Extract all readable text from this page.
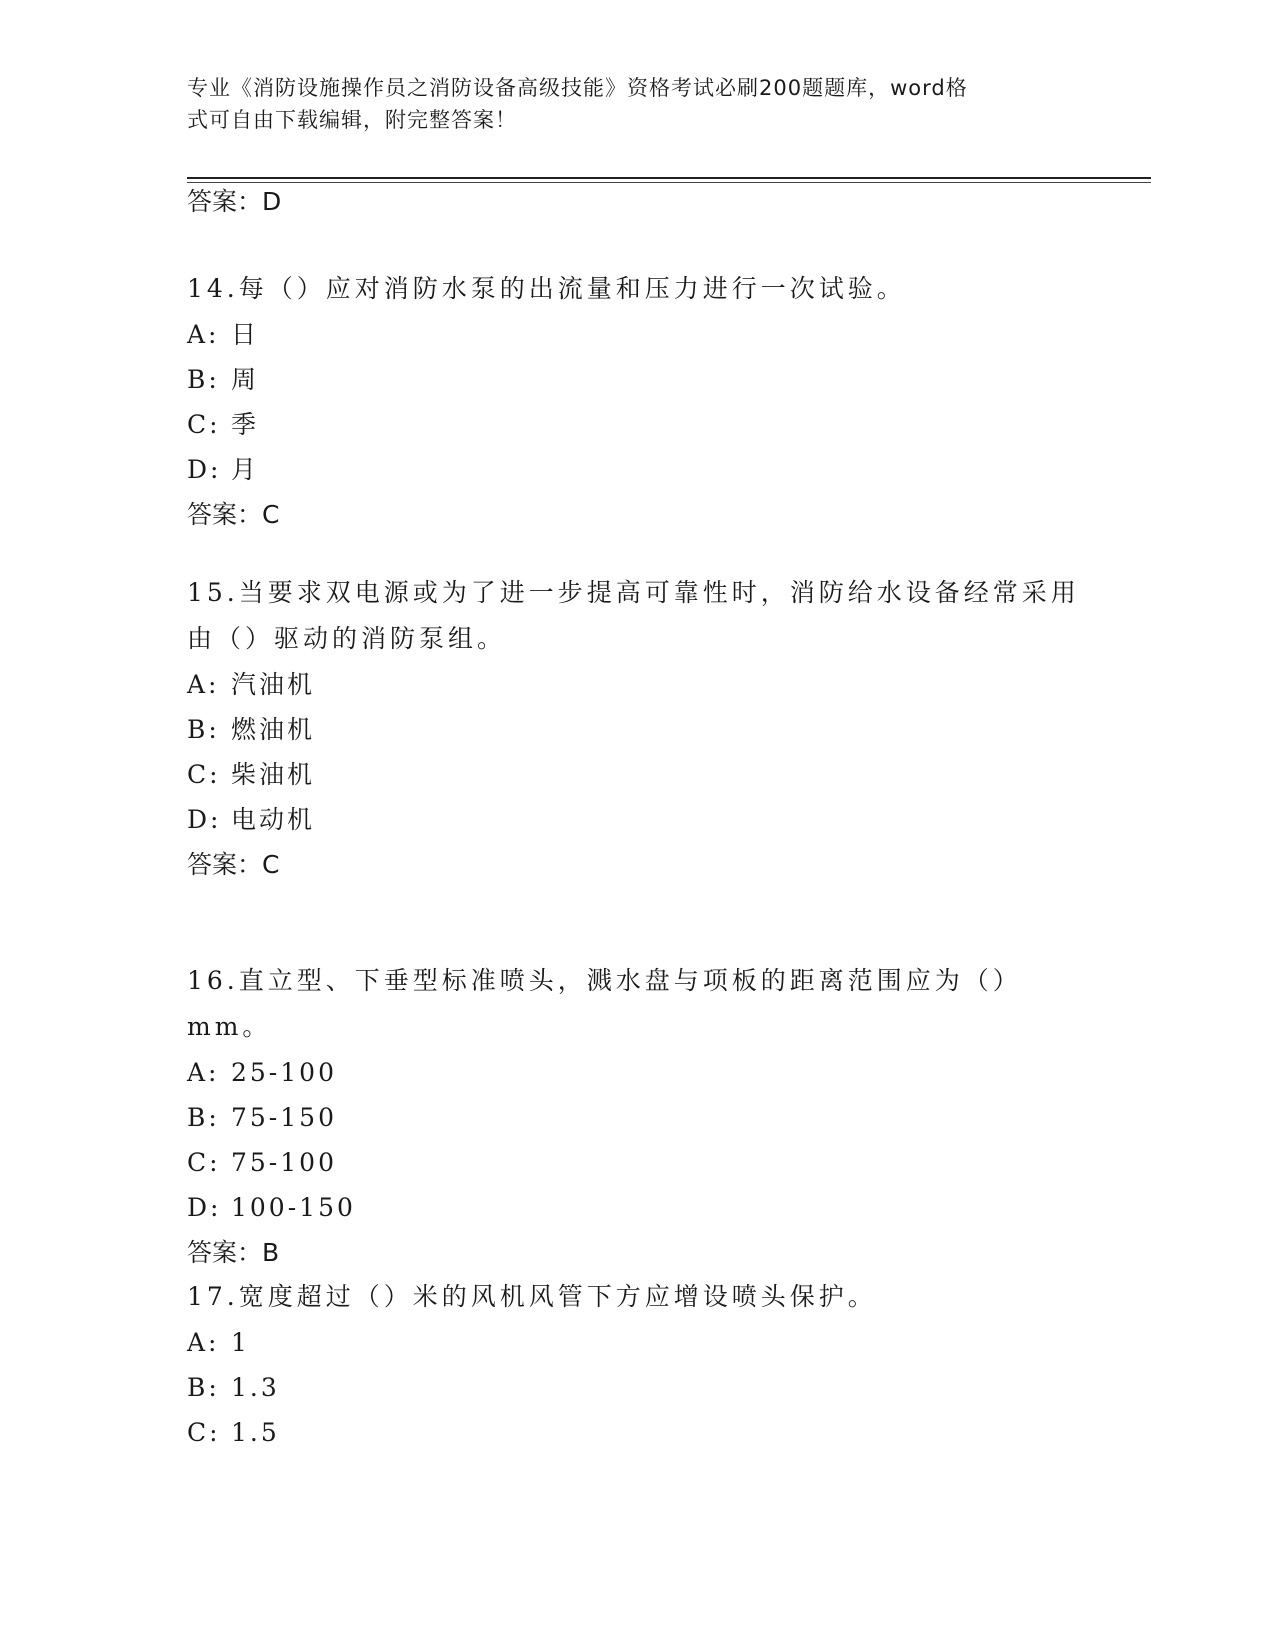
专业《消防设施操作员之消防设备高级技能》资格考试必刷200题题库，word格
式可自由下载编辑，附完整答案！
答案：D
14.每（）应对消防水泵的出流量和压力进行一次试验。
A: 日
B: 周
C: 季
D: 月
答案：C
15.当要求双电源或为了进一步提高可靠性时，消防给水设备经常采用
由（）驱动的消防泵组。
A: 汽油机
B: 燃油机
C: 柴油机
D: 电动机
答案：C
16.直立型、下垂型标准喷头，溅水盘与项板的距离范围应为（）mm。
A: 25-100
B: 75-150
C: 75-100
D: 100-150
答案：B
17.宽度超过（）米的风机风管下方应增设喷头保护。
A: 1
B: 1.3
C: 1.5
